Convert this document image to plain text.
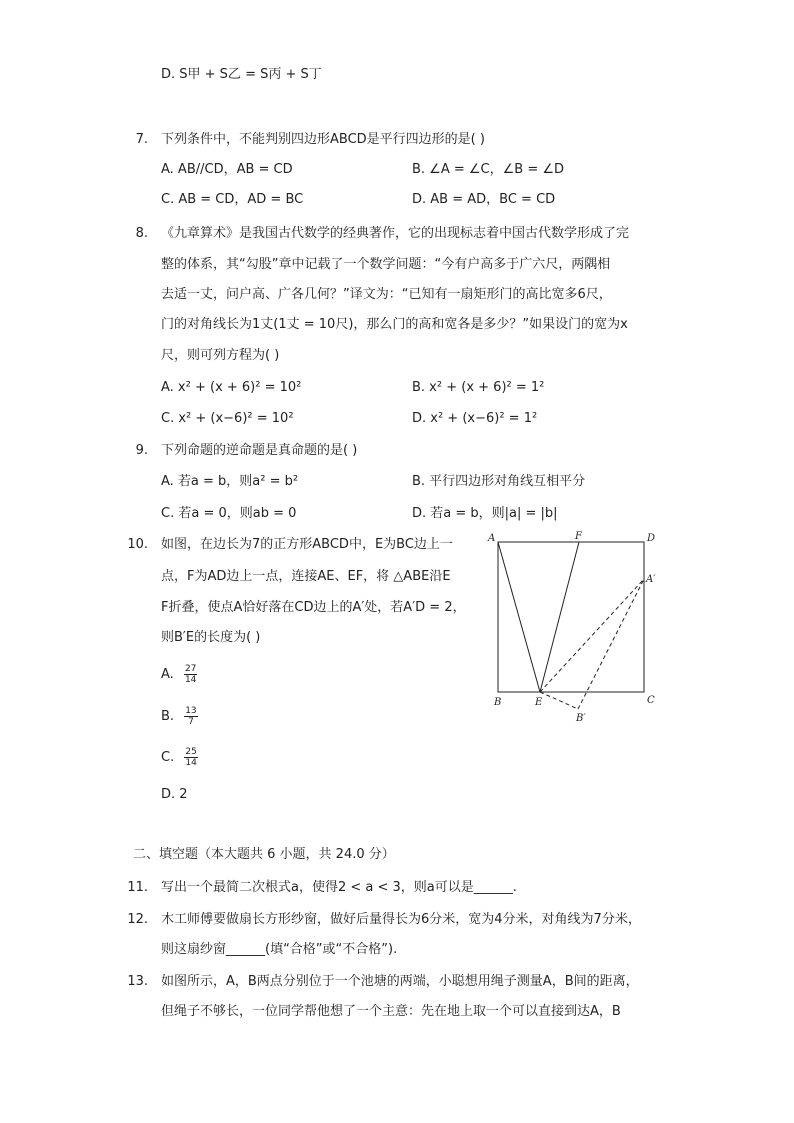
D. S甲 + S乙 = S丙 + S丁
7. 下列条件中，不能判别四边形ABCD是平行四边形的是( )
A. AB//CD，AB = CD	B. ∠A = ∠C，∠B = ∠D
C. AB = CD，AD = BC	D. AB = AD，BC = CD
8. 《九章算术》是我国古代数学的经典著作，它的出现标志着中国古代数学形成了完
整的体系，其“勾股”章中记载了一个数学问题：“今有户高多于广六尺，两隅相
去适一丈，问户高、广各几何？”译文为：“已知有一扇矩形门的高比宽多6尺，
门的对角线长为1丈(1丈 = 10尺)，那么门的高和宽各是多少？”如果设门的宽为x
尺，则可列方程为( )
A. x² + (x + 6)² = 10²	B. x² + (x + 6)² = 1²
C. x² + (x−6)² = 10²	D. x² + (x−6)² = 1²
9. 下列命题的逆命题是真命题的是( )
A. 若a = b，则a² = b²	B. 平行四边形对角线互相平分
C. 若a = 0，则ab = 0	D. 若a = b，则|a| = |b|
10. 如图，在边长为7的正方形ABCD中，E为BC边上一
点，F为AD边上一点，连接AE、EF，将 △ABE沿E
F折叠，使点A恰好落在CD边上的A′处，若A′D = 2，
则B′E的长度为( )
A. $\frac{27}{14}$
B. $\frac{13}{7}$
C. $\frac{25}{14}$
D. 2
A	F	D
A′
B	E	C
B′
二、填空题（本大题共 6 小题，共 24.0 分）
11. 写出一个最简二次根式a，使得2 < a < 3，则a可以是______.
12. 木工师傅要做扇长方形纱窗，做好后量得长为6分米，宽为4分米，对角线为7分米，
则这扇纱窗______(填“合格”或“不合格”).
13. 如图所示，A，B两点分别位于一个池塘的两端，小聪想用绳子测量A，B间的距离，
但绳子不够长，一位同学帮他想了一个主意：先在地上取一个可以直接到达A，B
